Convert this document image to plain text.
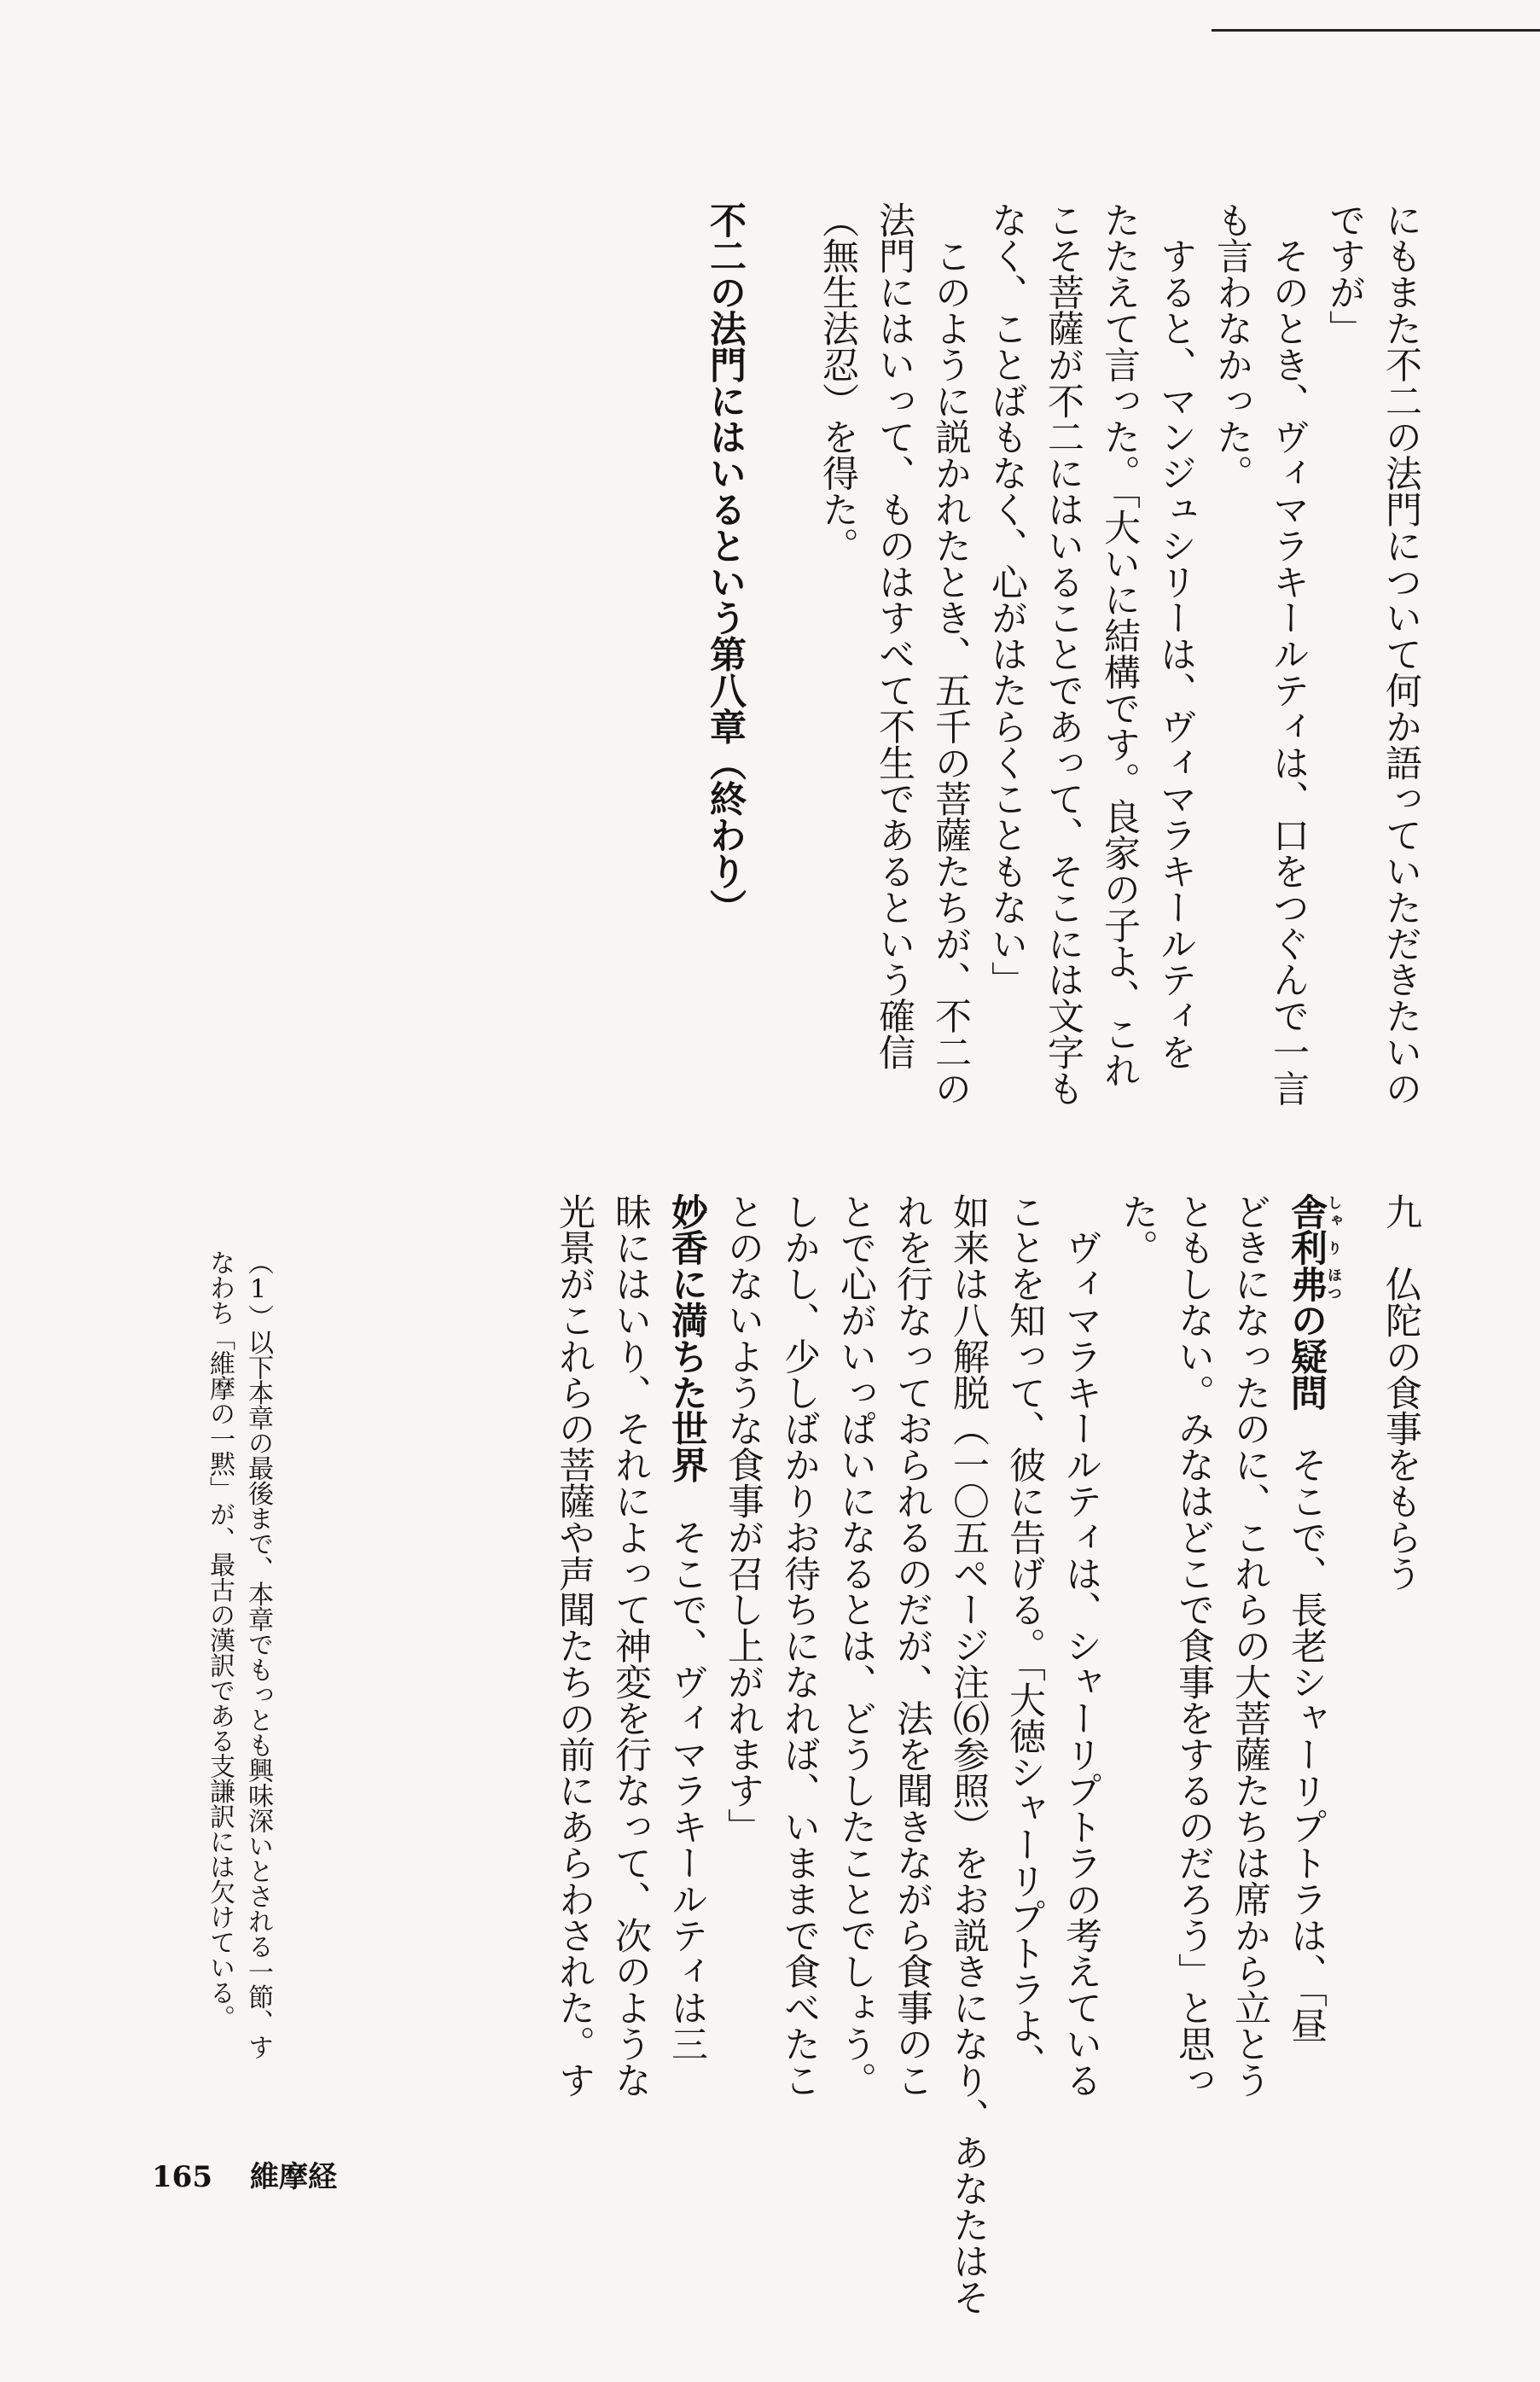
にもまた不二の法門について何か語っていただきたいの
ですが」
　そのとき、ヴィマラキールティは、口をつぐんで一言
も言わなかった。
　すると、マンジュシリーは、ヴィマラキールティを
たたえて言った。「大いに結構です。良家の子よ、これ
こそ菩薩が不二にはいることであって、そこには文字も
なく、ことばもなく、心がはたらくこともない」
　このように説かれたとき、五千の菩薩たちが、不二の
法門にはいって、ものはすべて不生であるという確信
（無生法忍）を得た。
不二の法門にはいるという第八章（終わり）
九　仏陀の食事をもらう
舎しゃ利り弗ほつの疑問　そこで、長老シャーリプトラは、「昼
どきになったのに、これらの大菩薩たちは席から立とう
ともしない。みなはどこで食事をするのだろう」と思っ
た。
　ヴィマラキールティは、シャーリプトラの考えている
ことを知って、彼に告げる。「大徳シャーリプトラよ、
如来は八解脱（一〇五ページ注⑹参照）をお説きになり、あなたはそ
れを行なっておられるのだが、法を聞きながら食事のこ
とで心がいっぱいになるとは、どうしたことでしょう。
しかし、少しばかりお待ちになれば、いままで食べたこ
とのないような食事が召し上がれます」
妙香に満ちた世界　そこで、ヴィマラキールティは三
昧にはいり、それによって神変を行なって、次のような
光景がこれらの菩薩や声聞たちの前にあらわされた。す

（1）以下本章の最後まで、本章でもっとも興味深いとされる一節、す

なわち「維摩の一黙」が、最古の漢訳である支謙訳には欠けている。

165 維摩経
